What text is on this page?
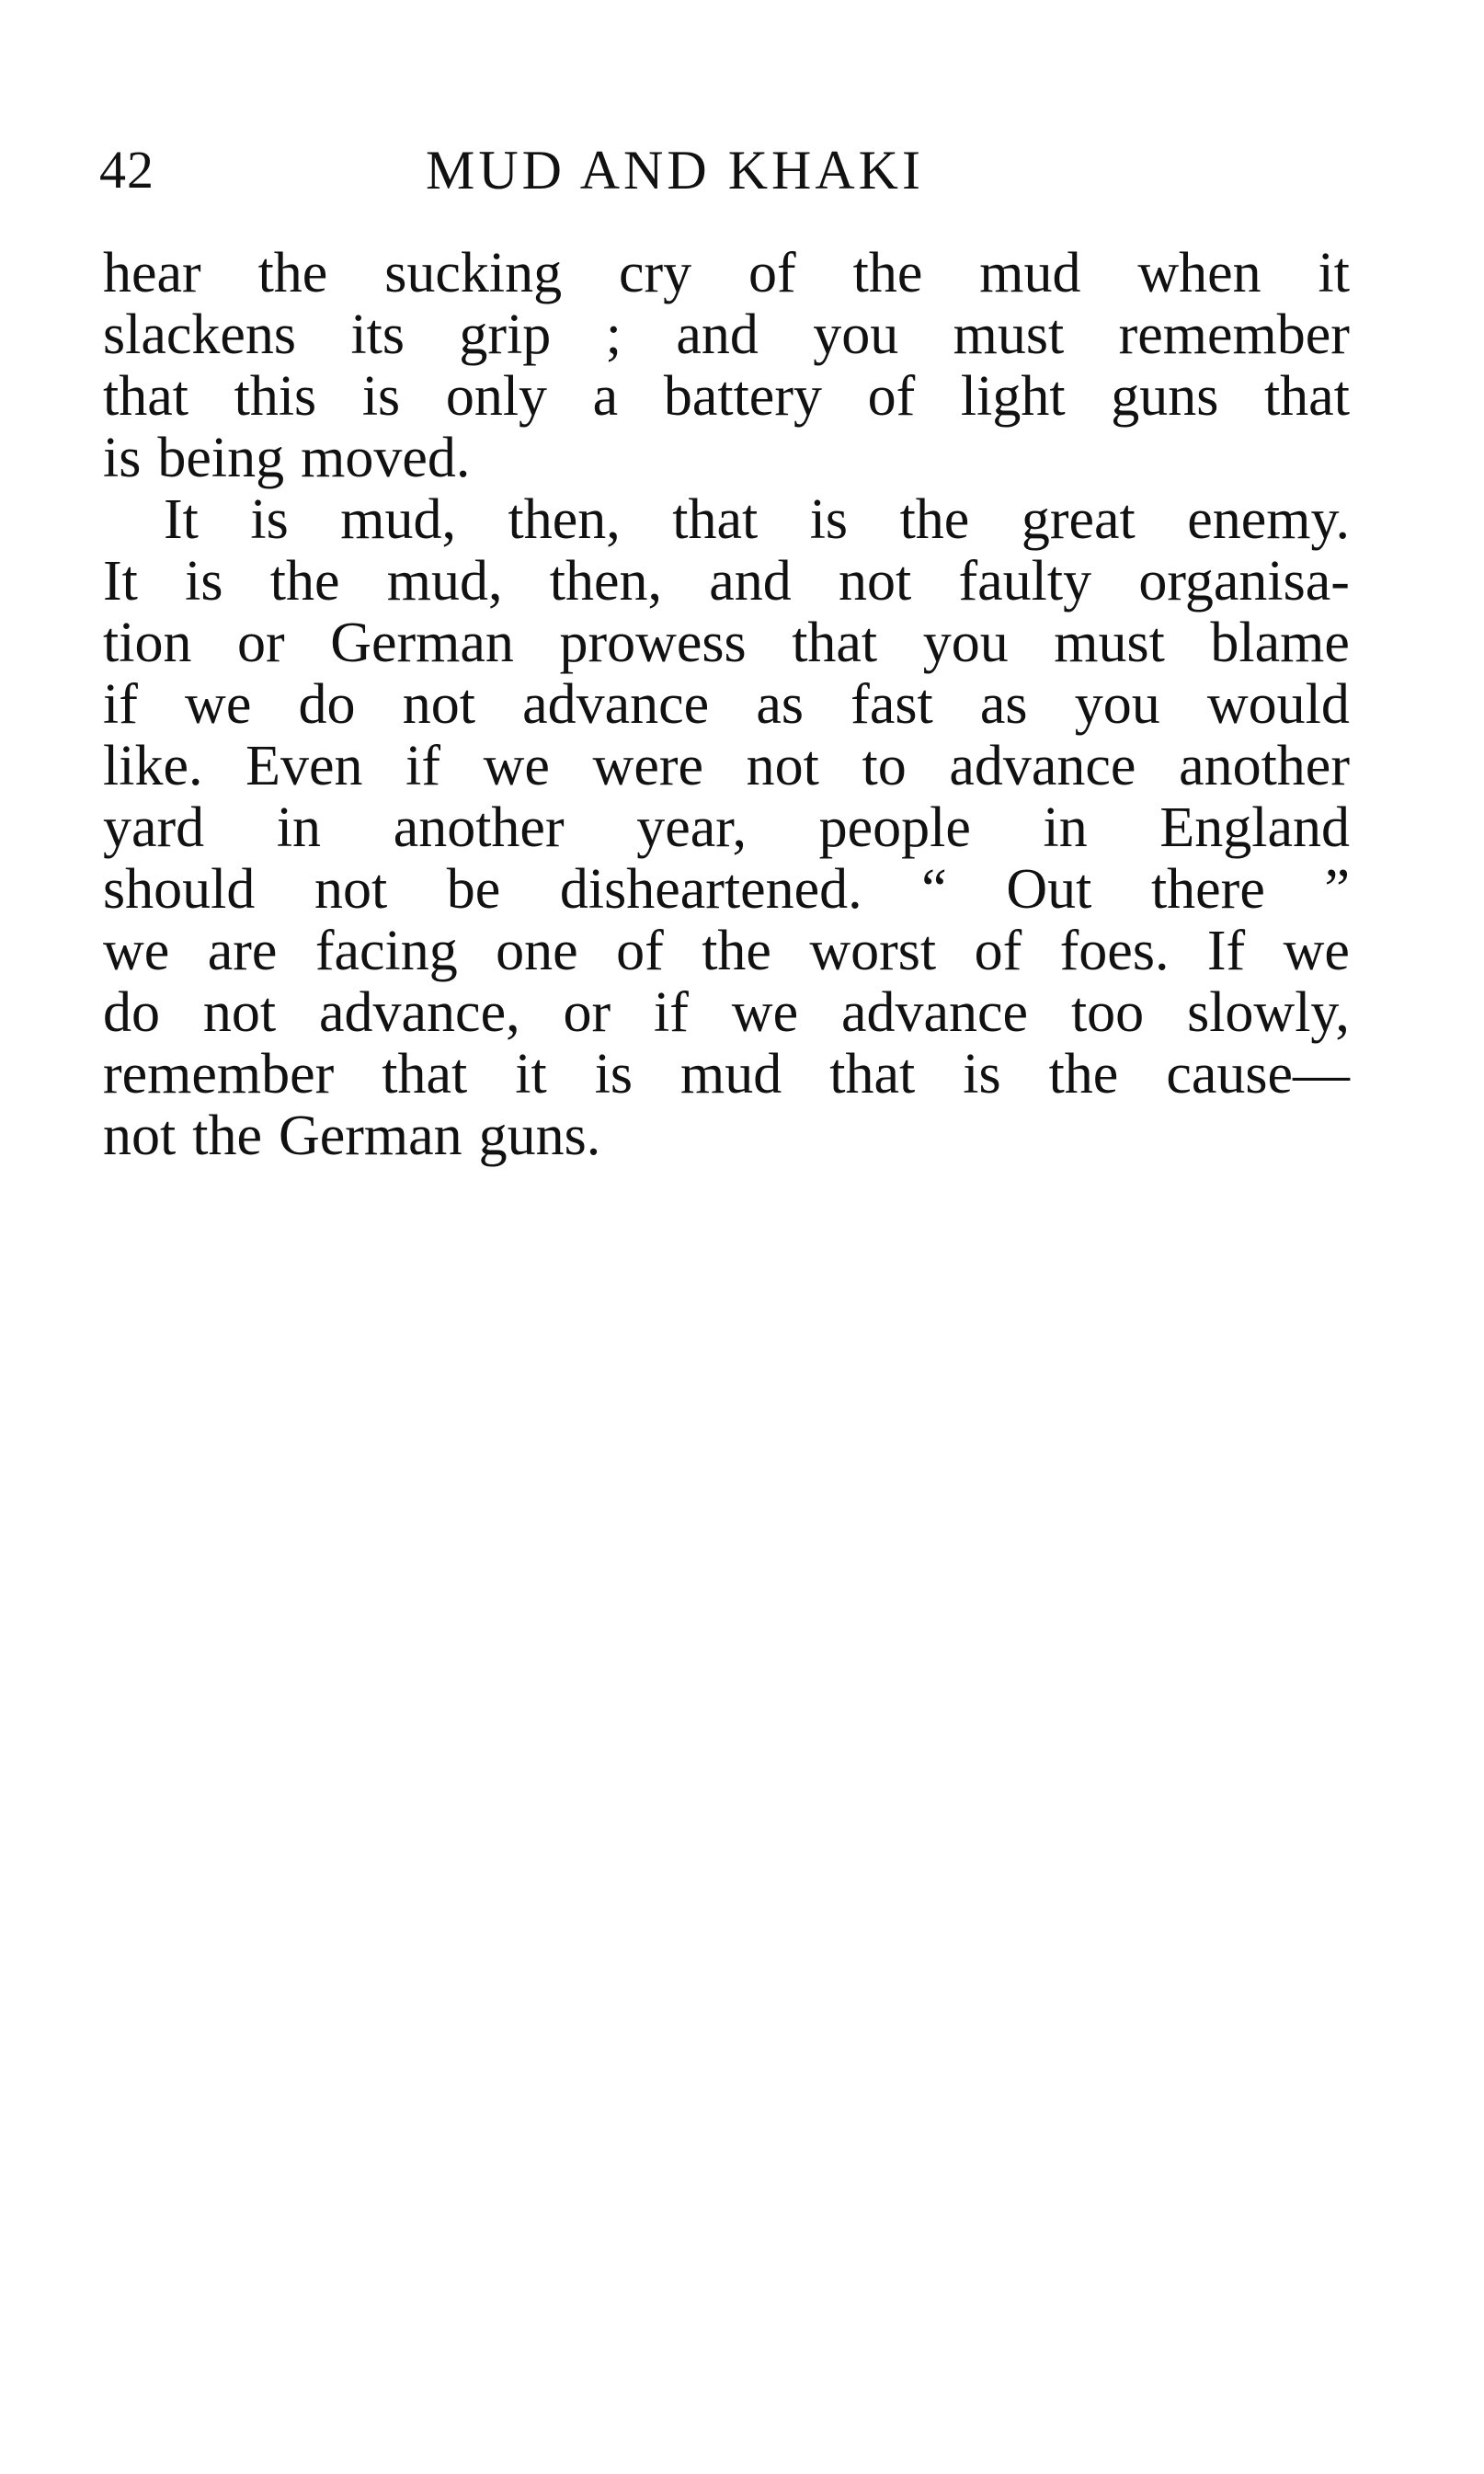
42	MUD AND KHAKI
hear the sucking cry of the mud when it
slackens its grip ; and you must remember
that this is only a battery of light guns that
is being moved.
It is mud, then, that is the great enemy.
It is the mud, then, and not faulty organisa-
tion or German prowess that you must blame
if we do not advance as fast as you would
like. Even if we were not to advance another
yard in another year, people in England
should not be disheartened. “ Out there ”
we are facing one of the worst of foes. If we
do not advance, or if we advance too slowly,
remember that it is mud that is the cause—
not the German guns.
